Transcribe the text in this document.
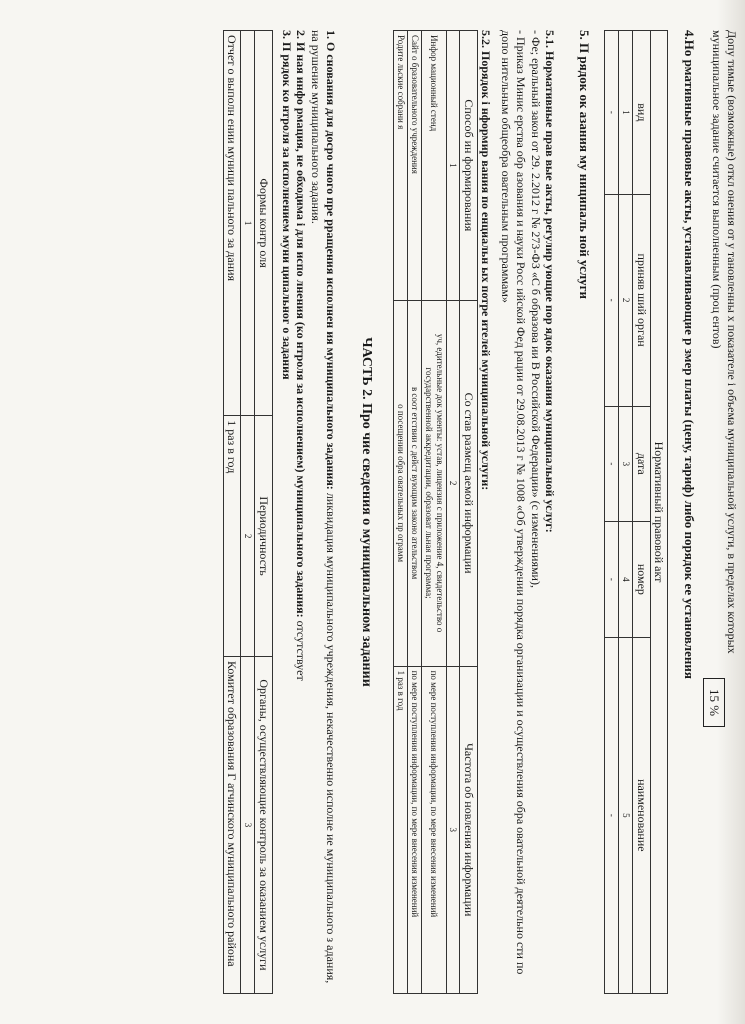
Допу тимые (возможные) откл онения от у тановленны х показателе і объема муниципальной услуги, в пределах которых муниципальное задание считается выполненным (проц ентов)

15 %

4.Но рмативные правовые акты, устанавливающие р змер платы (цену, тариф) либо порядок ее установления

Нормативный правовой акт				
вид	приняв ший орган	дата	номер	наименование
1	2	3	4	5
-	-	-	-	-

5. П рядок ок азания му ниципаль ной услуги

5.1. Нормативные прав вые акты, регулир ующие пор ядок оказания муниципальной услуг:

- Фе; еральный закон от 29. 2.2012 г № 273-ФЗ «С б образова ии В Российской Федерации» (с изменениями),

- Приказ Минис ерства обр азования и науки Росс ийской Фед рации от 29.08.2013 г № 1008 «Об утверждении порядка организации и осуществления обра овательной деятельно сти по допо нительным общеобра овательным программам»

5.2. Порядок і нформир вания по енциальн ых потре ителей муниципальной услуги:

Способ ин формирования	Со став размещ аемой информации	Частота об новления информации
1	2	3
Инфор мационный стенд	уч, едительные док ументы: устав, лицензия с приложение 4, свидетельство о государственной аккредитации, образоват льная программа;	по мере поступления информации, по мере внесения изменений
Сайт о бразовательного учреждения	в соот етствии с дейст вующим законо ательством	по мере поступления информации, по мере внесения изменений
Родите льские собрани я	о посещении обра овательных пр ограмм	1 раз в год

ЧАСТЬ 2. Про чие сведения о муниципальном задании

1. О снования для досро чного пре рращения исполнен ия муниципального задания: ликвидация муниципального учреждения, некачественно исполне ие муниципального з адания, на рушение муниципального задания.

2. И ная инфо рмация, не обходима і для испо лнения (ко нтроля за исполнением) муниципального задания: отсутствует

3. П рядок ко нтроля за исполнением муни ципальног о задания

Формы контр оля	Периодичность	Органы, осуществляющие контроль за оказанием услуги
1	2	3
Отчет о выполн ении муници пального за дания	1 раз в год	Комитет образования Г атчинского муниципального района
